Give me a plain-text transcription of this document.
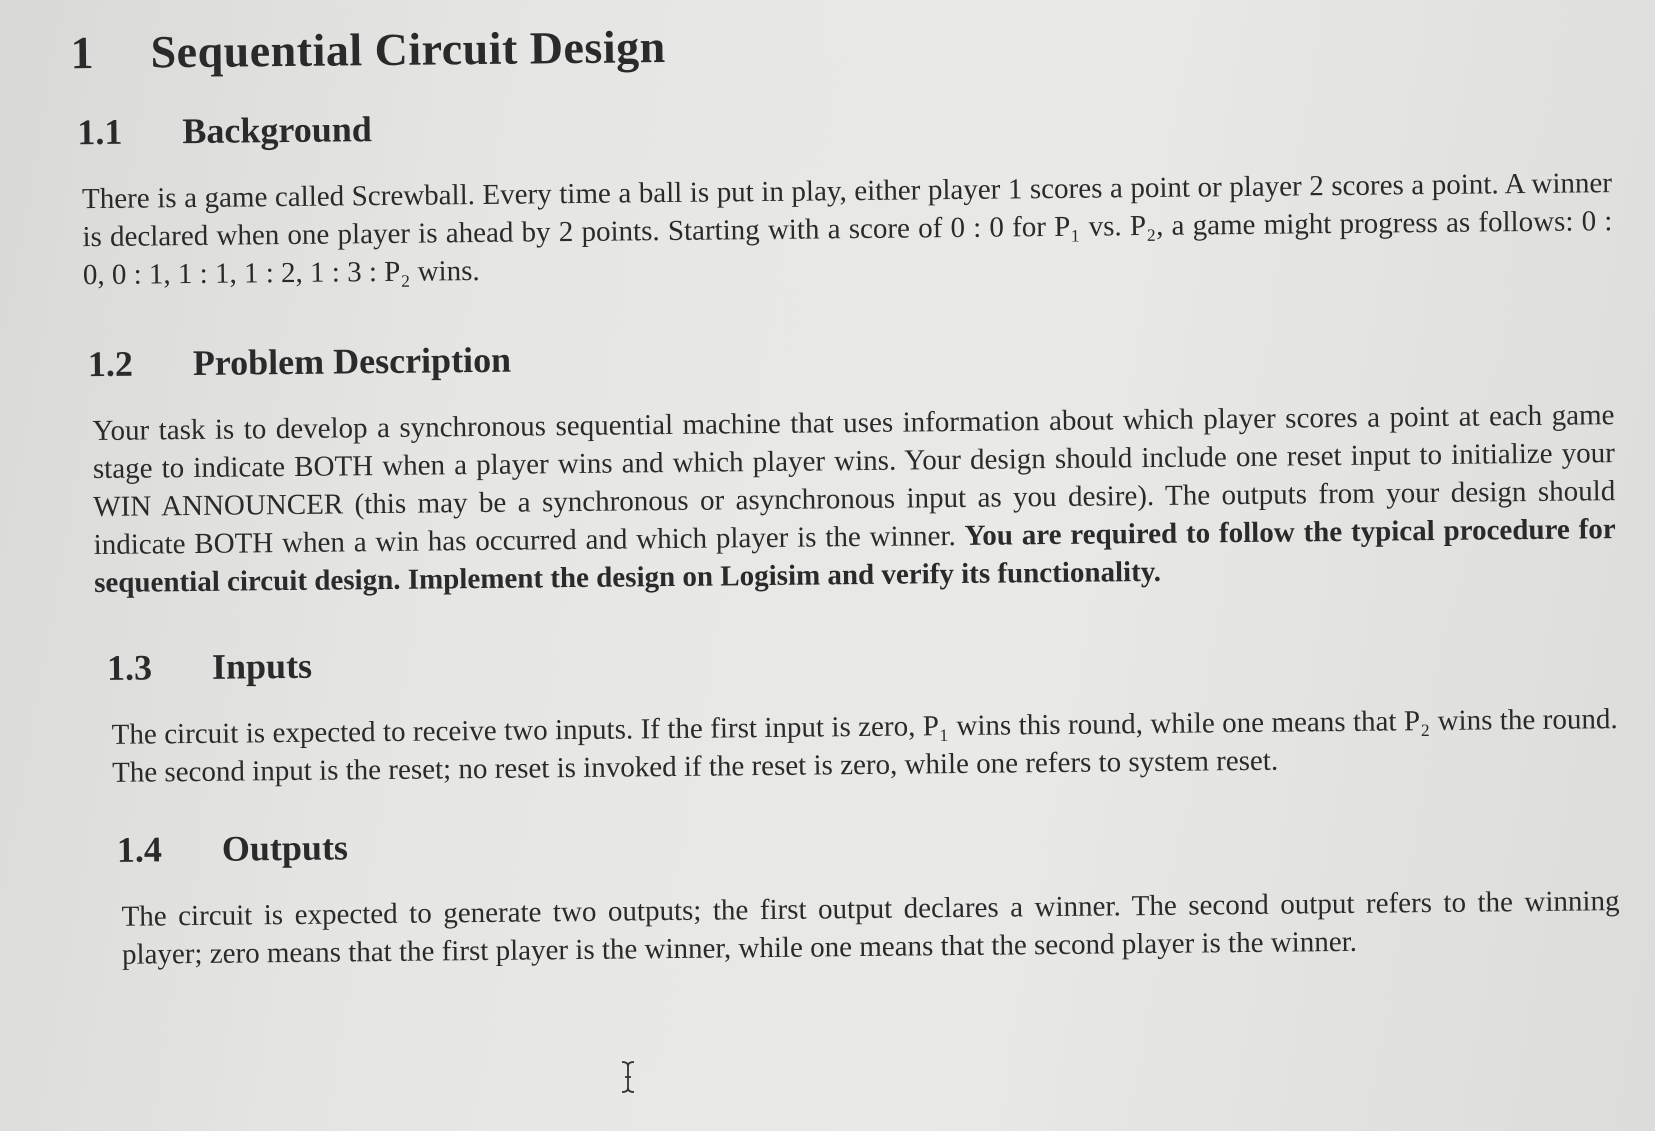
1 Sequential Circuit Design
1.1 Background

There is a game called Screwball. Every time a ball is put in play, either player 1 scores a point or player 2 scores a point. A winner is declared when one player is ahead by 2 points. Starting with a score of 0 : 0 for P₁ vs. P₂, a game might progress as follows: 0 : 0, 0 : 1, 1 : 1, 1 : 2, 1 : 3 : P₂ wins.

1.2 Problem Description

Your task is to develop a synchronous sequential machine that uses information about which player scores a point at each game stage to indicate BOTH when a player wins and which player wins. Your design should include one reset input to initialize your WIN ANNOUNCER (this may be a synchronous or asynchronous input as you desire). The outputs from your design should indicate BOTH when a win has occurred and which player is the winner. You are required to follow the typical procedure for sequential circuit design. Implement the design on Logisim and verify its functionality.

1.3 Inputs

The circuit is expected to receive two inputs. If the first input is zero, P₁ wins this round, while one means that P₂ wins the round. The second input is the reset; no reset is invoked if the reset is zero, while one refers to system reset.

1.4 Outputs

The circuit is expected to generate two outputs; the first output declares a winner. The second output refers to the winning player; zero means that the first player is the winner, while one means that the second player is the winner.
